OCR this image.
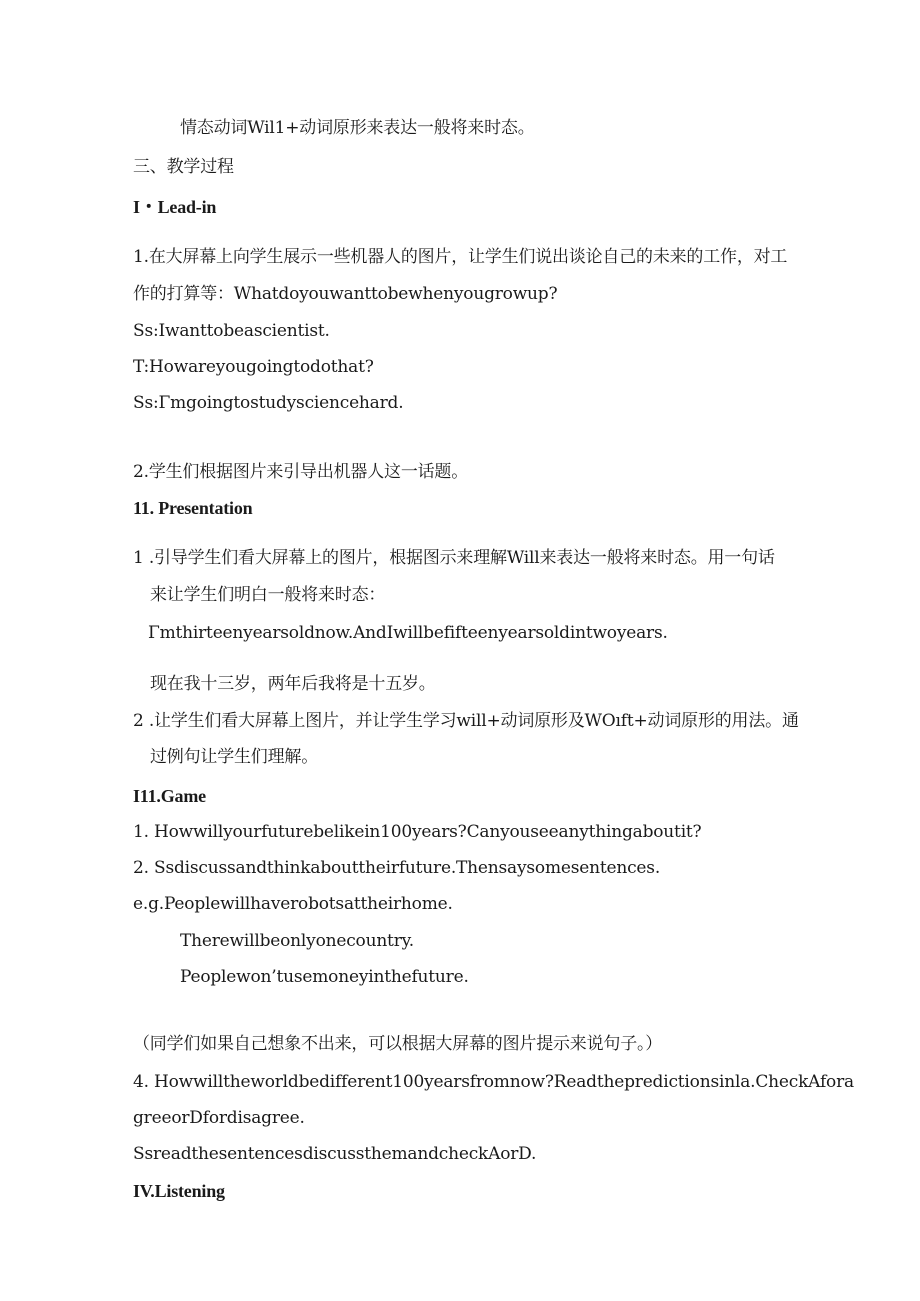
情态动词Wil1+动词原形来表达一般将来时态。
三、教学过程
I・Lead-in
1.在大屏幕上向学生展示一些机器人的图片，让学生们说出谈论自己的未来的工作，对工
作的打算等：Whatdoyouwanttobewhenyougrowup?
Ss:Iwanttobeascientist.
T:Howareyougoingtodothat?
Ss:Γmgoingtostudysciencehard.
2.学生们根据图片来引导出机器人这一话题。
11. Presentation
1 .引导学生们看大屏幕上的图片，根据图示来理解Will来表达一般将来时态。用一句话
来让学生们明白一般将来时态：
Γmthirteenyearsoldnow.AndIwillbefifteenyearsoldintwoyears.
现在我十三岁，两年后我将是十五岁。
2 .让学生们看大屏幕上图片，并让学生学习will+动词原形及WOıft+动词原形的用法。通
过例句让学生们理解。
I11.Game
1. Howwillyourfuturebelikein100years?Canyouseeanythingaboutit?
2. Ssdiscussandthinkabouttheirfuture.Thensaysomesentences.
e.g.Peoplewillhaverobotsattheirhome.
Therewillbeonlyonecountry.
Peoplewon’tusemoneyinthefuture.
（同学们如果自己想象不出来，可以根据大屏幕的图片提示来说句子。）
4. Howwilltheworldbedifferent100yearsfromnow?Readthepredictionsinla.CheckAfora
greeorDfordisagree.
SsreadthesentencesdiscussthemandcheckAorD.
IV.Listening
